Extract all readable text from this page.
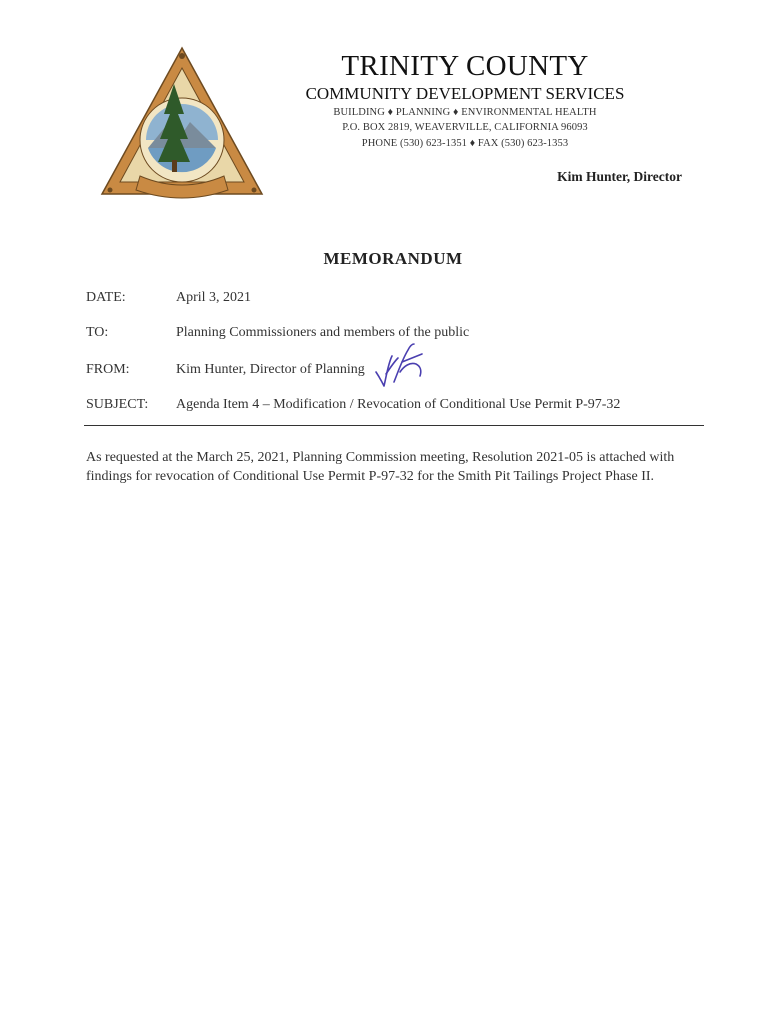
TRINITY COUNTY
COMMUNITY DEVELOPMENT SERVICES
BUILDING ♦ PLANNING ♦ ENVIRONMENTAL HEALTH
P.O. BOX 2819, WEAVERVILLE, CALIFORNIA 96093
PHONE (530) 623-1351 ♦ FAX (530) 623-1353
Kim Hunter, Director
MEMORANDUM
DATE:	April 3, 2021
TO:	Planning Commissioners and members of the public
FROM:	Kim Hunter, Director of Planning
SUBJECT: Agenda Item 4 – Modification / Revocation of Conditional Use Permit P-97-32
As requested at the March 25, 2021, Planning Commission meeting, Resolution 2021-05 is attached with findings for revocation of Conditional Use Permit P-97-32 for the Smith Pit Tailings Project Phase II.
